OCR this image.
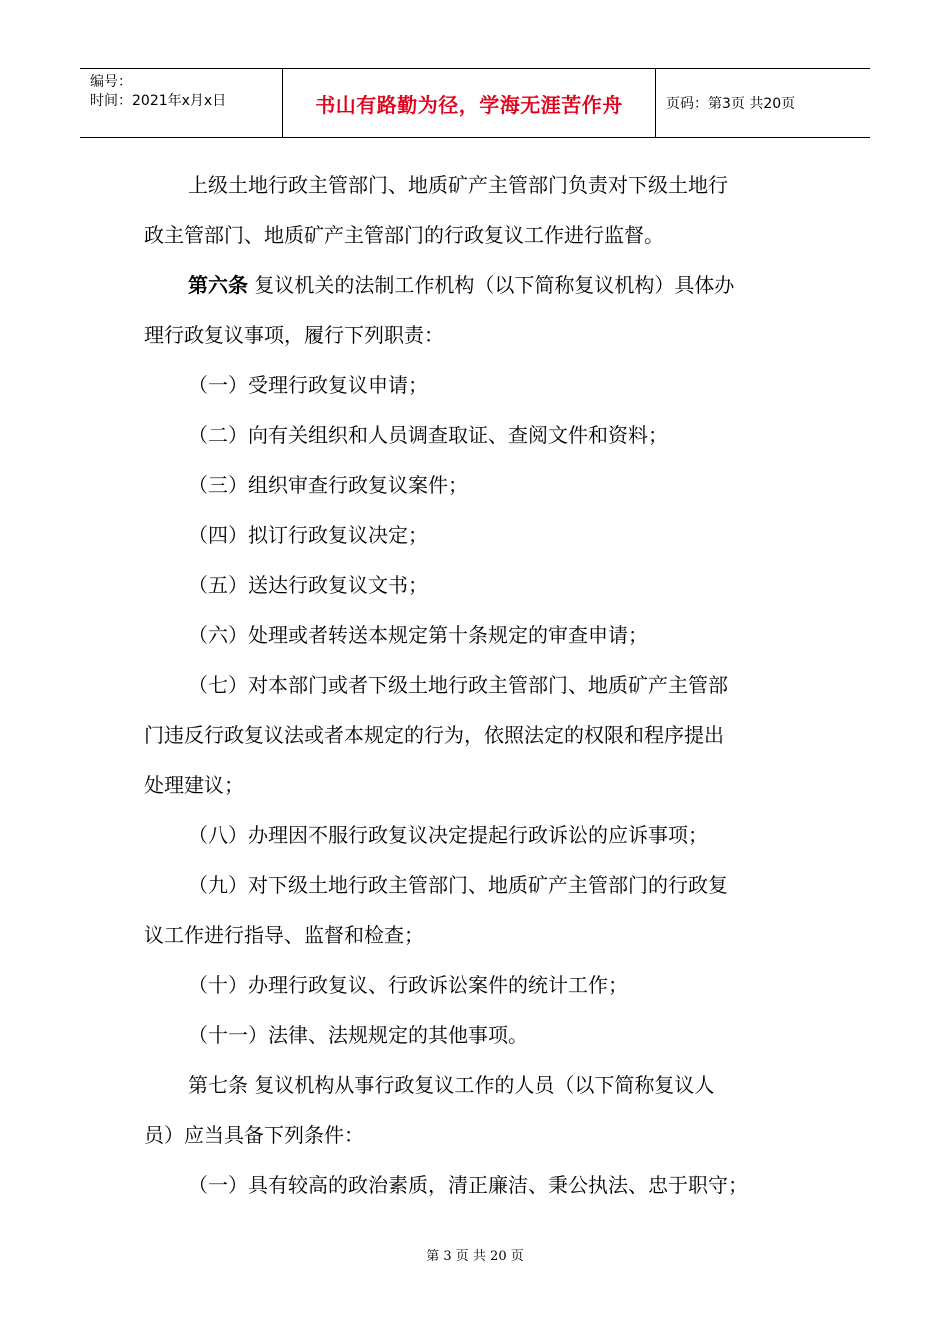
编号：
时间：2021年x月x日	书山有路勤为径，学海无涯苦作舟	页码：第3页 共20页

上级土地行政主管部门、地质矿产主管部门负责对下级土地行

政主管部门、地质矿产主管部门的行政复议工作进行监督。

第六条 复议机关的法制工作机构（以下简称复议机构）具体办

理行政复议事项，履行下列职责：

（一）受理行政复议申请；

（二）向有关组织和人员调查取证、查阅文件和资料；

（三）组织审查行政复议案件；

（四）拟订行政复议决定；

（五）送达行政复议文书；

（六）处理或者转送本规定第十条规定的审查申请；

（七）对本部门或者下级土地行政主管部门、地质矿产主管部

门违反行政复议法或者本规定的行为，依照法定的权限和程序提出

处理建议；

（八）办理因不服行政复议决定提起行政诉讼的应诉事项；

（九）对下级土地行政主管部门、地质矿产主管部门的行政复

议工作进行指导、监督和检查；

（十）办理行政复议、行政诉讼案件的统计工作；

（十一）法律、法规规定的其他事项。

第七条 复议机构从事行政复议工作的人员（以下简称复议人

员）应当具备下列条件：

（一）具有较高的政治素质，清正廉洁、秉公执法、忠于职守；

第 3 页 共 20 页
